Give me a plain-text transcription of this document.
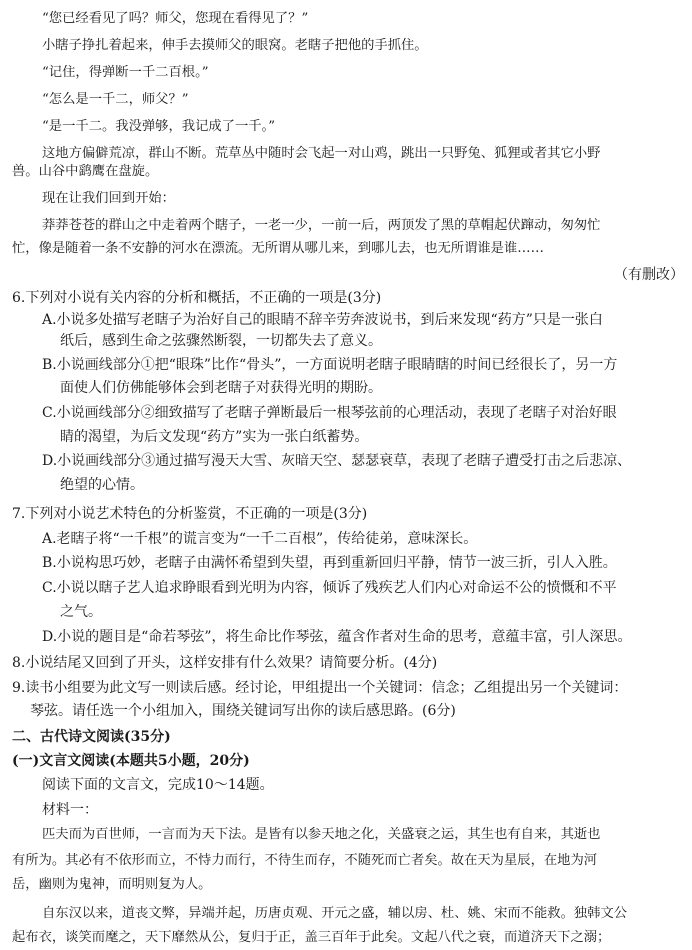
“您已经看见了吗？师父，您现在看得见了？”

小瞎子挣扎着起来，伸手去摸师父的眼窝。老瞎子把他的手抓住。

“记住，得弹断一千二百根。”

“怎么是一千二，师父？”

“是一千二。我没弹够，我记成了一千。”

这地方偏僻荒凉，群山不断。荒草丛中随时会飞起一对山鸡，跳出一只野兔、狐狸或者其它小野

兽。山谷中鹞鹰在盘旋。

现在让我们回到开始：

莽莽苍苍的群山之中走着两个瞎子，一老一少，一前一后，两顶发了黑的草帽起伏蹿动，匆匆忙

忙，像是随着一条不安静的河水在漂流。无所谓从哪儿来，到哪儿去，也无所谓谁是谁……

（有删改）

6.下列对小说有关内容的分析和概括，不正确的一项是(3分)

A.小说多处描写老瞎子为治好自己的眼睛不辞辛劳奔波说书，到后来发现“药方”只是一张白

纸后，感到生命之弦骤然断裂，一切都失去了意义。

B.小说画线部分①把“眼珠”比作“骨头”，一方面说明老瞎子眼睛瞎的时间已经很长了，另一方

面使人们仿佛能够体会到老瞎子对获得光明的期盼。

C.小说画线部分②细致描写了老瞎子弹断最后一根琴弦前的心理活动，表现了老瞎子对治好眼

睛的渴望，为后文发现“药方”实为一张白纸蓄势。

D.小说画线部分③通过描写漫天大雪、灰暗天空、瑟瑟衰草，表现了老瞎子遭受打击之后悲凉、

绝望的心情。

7.下列对小说艺术特色的分析鉴赏，不正确的一项是(3分)

A.老瞎子将“一千根”的谎言变为“一千二百根”，传给徒弟，意味深长。

B.小说构思巧妙，老瞎子由满怀希望到失望，再到重新回归平静，情节一波三折，引人入胜。

C.小说以瞎子艺人追求睁眼看到光明为内容，倾诉了残疾艺人们内心对命运不公的愤慨和不平

之气。

D.小说的题目是“命若琴弦”，将生命比作琴弦，蕴含作者对生命的思考，意蕴丰富，引人深思。

8.小说结尾又回到了开头，这样安排有什么效果？请简要分析。(4分)

9.读书小组要为此文写一则读后感。经讨论，甲组提出一个关键词：信念；乙组提出另一个关键词：

琴弦。请任选一个小组加入，围绕关键词写出你的读后感思路。(6分)

二、古代诗文阅读(35分)

(一)文言文阅读(本题共5小题，20分)

阅读下面的文言文，完成10～14题。

材料一：

匹夫而为百世师，一言而为天下法。是皆有以参天地之化，关盛衰之运，其生也有自来，其逝也

有所为。其必有不依形而立，不恃力而行，不待生而存，不随死而亡者矣。故在天为星辰，在地为河

岳，幽则为鬼神，而明则复为人。

自东汉以来，道丧文弊，异端并起，历唐贞观、开元之盛，辅以房、杜、姚、宋而不能救。独韩文公

起布衣，谈笑而麾之，天下靡然从公，复归于正，盖三百年于此矣。文起八代之衰，而道济天下之溺；
